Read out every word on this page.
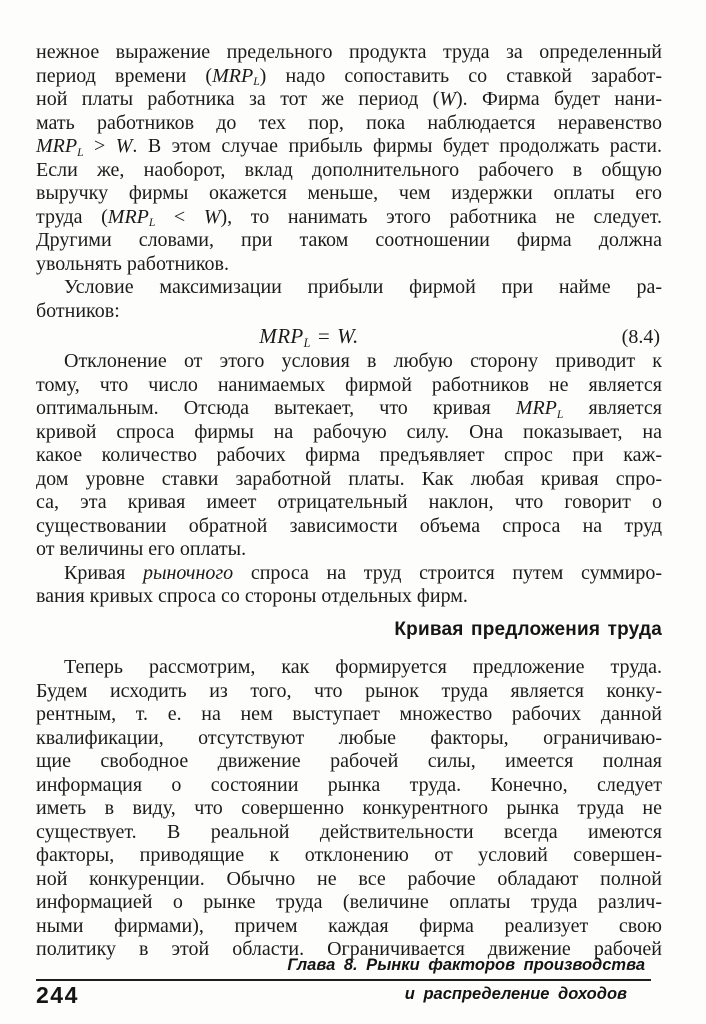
нежное выражение предельного продукта труда за определенный
период времени (MRPL) надо сопоставить со ставкой заработ-
ной платы работника за тот же период (W). Фирма будет нани-
мать работников до тех пор, пока наблюдается неравенство
MRPL > W. В этом случае прибыль фирмы будет продолжать расти.
Если же, наоборот, вклад дополнительного рабочего в общую
выручку фирмы окажется меньше, чем издержки оплаты его
труда (MRPL < W), то нанимать этого работника не следует.
Другими словами, при таком соотношении фирма должна
увольнять работников.
Условие максимизации прибыли фирмой при найме ра-
ботников:
MRPL = W.	(8.4)
Отклонение от этого условия в любую сторону приводит к
тому, что число нанимаемых фирмой работников не является
оптимальным. Отсюда вытекает, что кривая MRPL является
кривой спроса фирмы на рабочую силу. Она показывает, на
какое количество рабочих фирма предъявляет спрос при каж-
дом уровне ставки заработной платы. Как любая кривая спро-
са, эта кривая имеет отрицательный наклон, что говорит о
существовании обратной зависимости объема спроса на труд
от величины его оплаты.
Кривая рыночного спроса на труд строится путем суммиро-
вания кривых спроса со стороны отдельных фирм.
Кривая предложения труда
Теперь рассмотрим, как формируется предложение труда.
Будем исходить из того, что рынок труда является конку-
рентным, т. е. на нем выступает множество рабочих данной
квалификации, отсутствуют любые факторы, ограничиваю-
щие свободное движение рабочей силы, имеется полная
информация о состоянии рынка труда. Конечно, следует
иметь в виду, что совершенно конкурентного рынка труда не
существует. В реальной действительности всегда имеются
факторы, приводящие к отклонению от условий совершен-
ной конкуренции. Обычно не все рабочие обладают полной
информацией о рынке труда (величине оплаты труда различ-
ными фирмами), причем каждая фирма реализует свою
политику в этой области. Ограничивается движение рабочей
Глава 8. Рынки факторов производства
244	и распределение доходов
